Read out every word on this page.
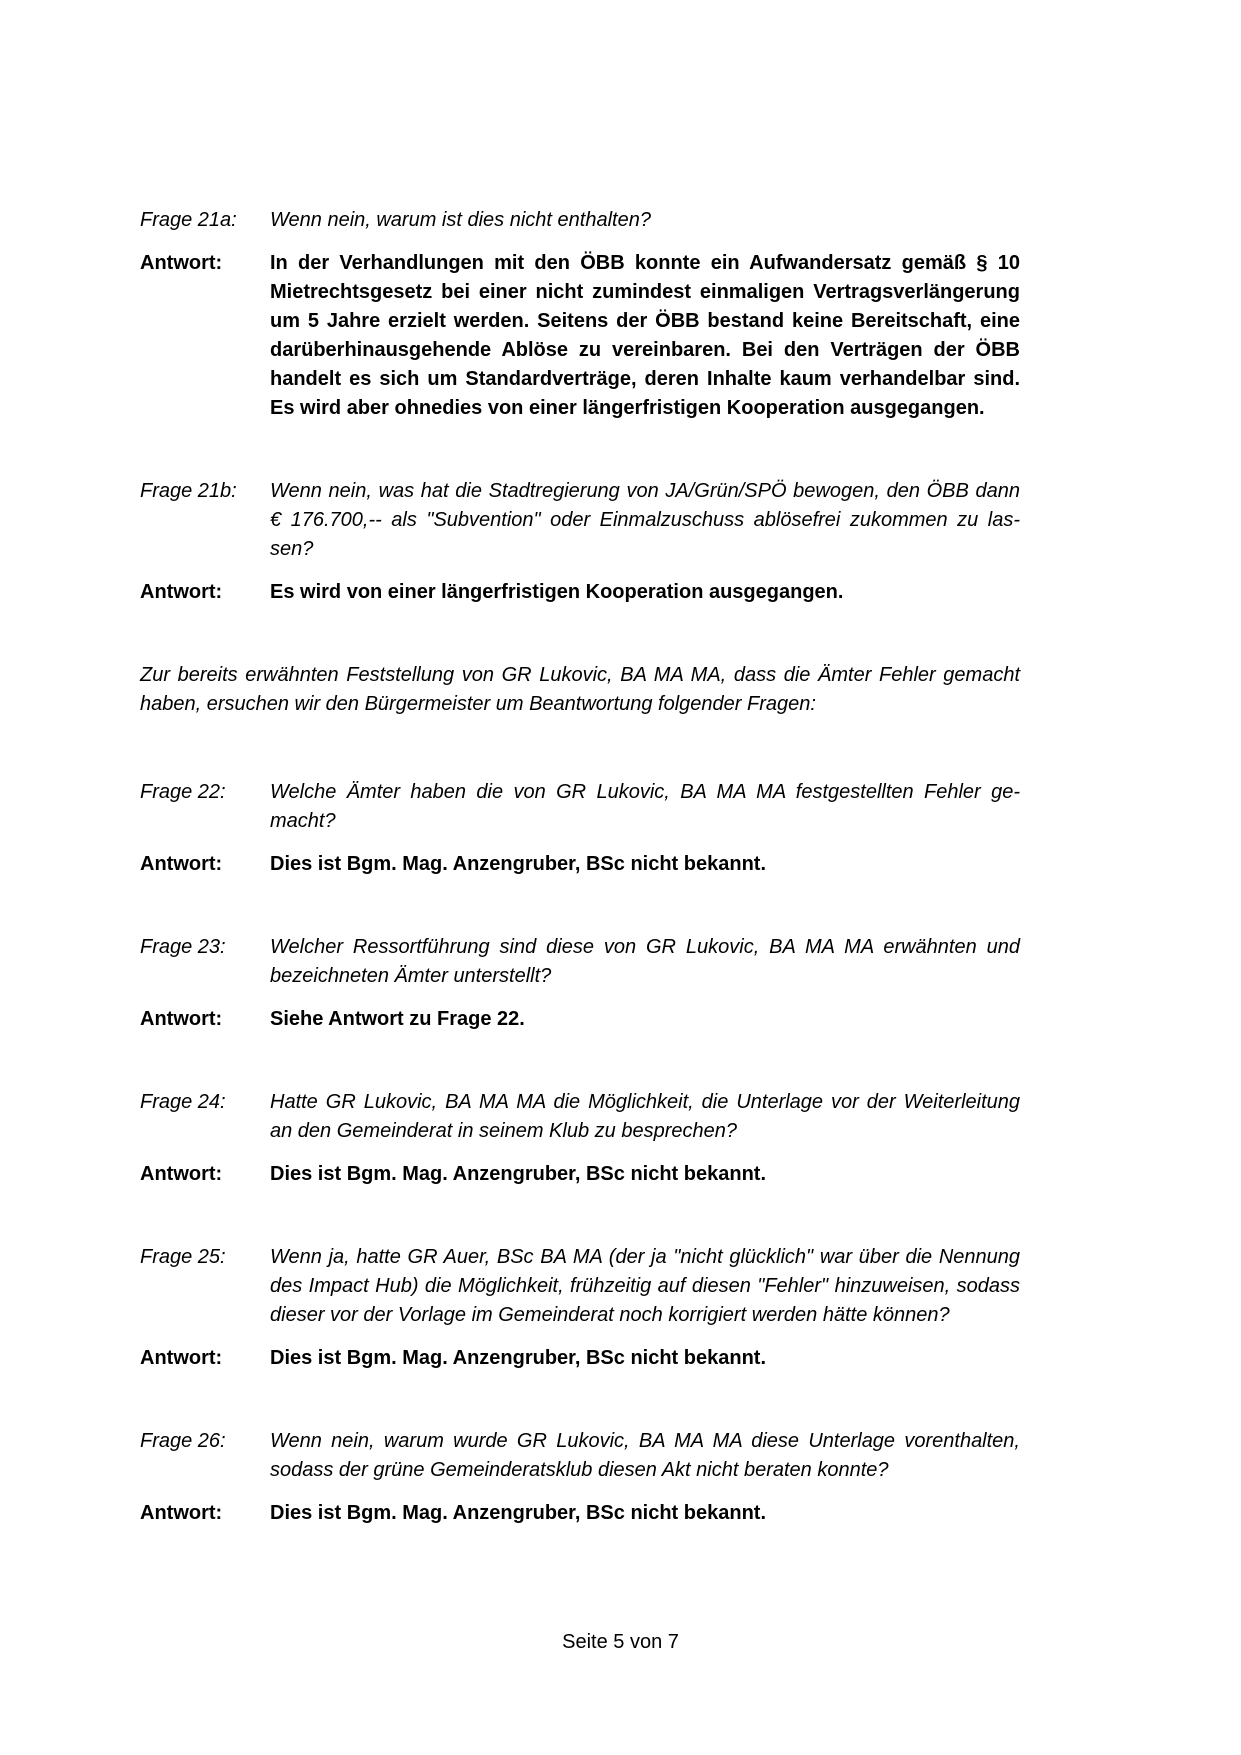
Frage 21a:	Wenn nein, warum ist dies nicht enthalten?
Antwort:	In der Verhandlungen mit den ÖBB konnte ein Aufwandersatz gemäß § 10
Mietrechtsgesetz bei einer nicht zumindest einmaligen Vertragsverlängerung
um 5 Jahre erzielt werden. Seitens der ÖBB bestand keine Bereitschaft, eine
darüberhinausgehende Ablöse zu vereinbaren. Bei den Verträgen der ÖBB
handelt es sich um Standardverträge, deren Inhalte kaum verhandelbar sind.
Es wird aber ohnedies von einer längerfristigen Kooperation ausgegangen.
Frage 21b:	Wenn nein, was hat die Stadtregierung von JA/Grün/SPÖ bewogen, den ÖBB dann
€ 176.700,-- als "Subvention" oder Einmalzuschuss ablösefrei zukommen zu las-
sen?
Antwort:	Es wird von einer längerfristigen Kooperation ausgegangen.
Zur bereits erwähnten Feststellung von GR Lukovic, BA MA MA, dass die Ämter Fehler gemacht
haben, ersuchen wir den Bürgermeister um Beantwortung folgender Fragen:
Frage 22:	Welche Ämter haben die von GR Lukovic, BA MA MA festgestellten Fehler ge-
macht?
Antwort:	Dies ist Bgm. Mag. Anzengruber, BSc nicht bekannt.
Frage 23:	Welcher Ressortführung sind diese von GR Lukovic, BA MA MA erwähnten und
bezeichneten Ämter unterstellt?
Antwort:	Siehe Antwort zu Frage 22.
Frage 24:	Hatte GR Lukovic, BA MA MA die Möglichkeit, die Unterlage vor der Weiterleitung
an den Gemeinderat in seinem Klub zu besprechen?
Antwort:	Dies ist Bgm. Mag. Anzengruber, BSc nicht bekannt.
Frage 25:	Wenn ja, hatte GR Auer, BSc BA MA (der ja "nicht glücklich" war über die Nennung
des Impact Hub) die Möglichkeit, frühzeitig auf diesen "Fehler" hinzuweisen, sodass
dieser vor der Vorlage im Gemeinderat noch korrigiert werden hätte können?
Antwort:	Dies ist Bgm. Mag. Anzengruber, BSc nicht bekannt.
Frage 26:	Wenn nein, warum wurde GR Lukovic, BA MA MA diese Unterlage vorenthalten,
sodass der grüne Gemeinderatsklub diesen Akt nicht beraten konnte?
Antwort:	Dies ist Bgm. Mag. Anzengruber, BSc nicht bekannt.
Seite 5 von 7
